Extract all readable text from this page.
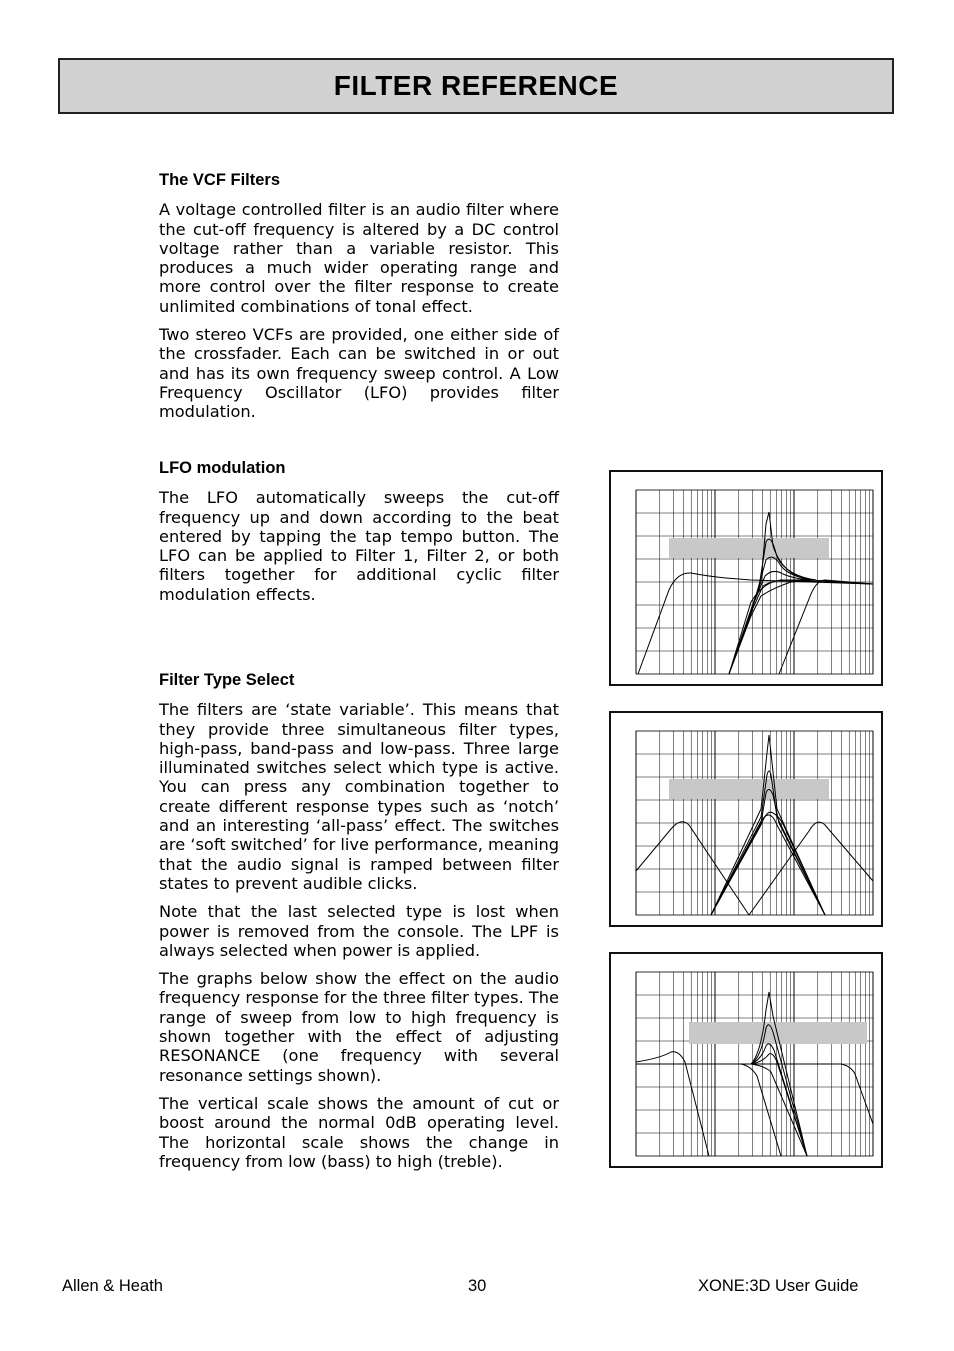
FILTER REFERENCE
The VCF Filters

A voltage controlled filter is an audio filter where the cut-off frequency is altered by a DC control voltage rather than a variable resistor. This produces a much wider operating range and more control over the filter response to create unlimited combinations of tonal effect.

Two stereo VCFs are provided, one either side of the crossfader. Each can be switched in or out and has its own frequency sweep control. A Low Frequency Oscillator (LFO) provides filter modulation.

LFO modulation

The LFO automatically sweeps the cut-off frequency up and down according to the beat entered by tapping the tap tempo button. The LFO can be applied to Filter 1, Filter 2, or both filters together for additional cyclic filter modulation effects.

Filter Type Select

The filters are ‘state variable’. This means that they provide three simultaneous filter types, high-pass, band-pass and low-pass. Three large illuminated switches select which type is active. You can press any combination together to create different response types such as ‘notch’ and an interesting ‘all-pass’ effect. The switches are ‘soft switched’ for live performance, meaning that the audio signal is ramped between filter states to prevent audible clicks.

Note that the last selected type is lost when power is removed from the console. The LPF is always selected when power is applied.

The graphs below show the effect on the audio frequency response for the three filter types. The range of sweep from low to high frequency is shown together with the effect of adjusting RESONANCE (one frequency with several resonance settings shown).

The vertical scale shows the amount of cut or boost around the normal 0dB operating level. The horizontal scale shows the change in frequency from low (bass) to high (treble).

Allen & Heath	30	XONE:3D User Guide
